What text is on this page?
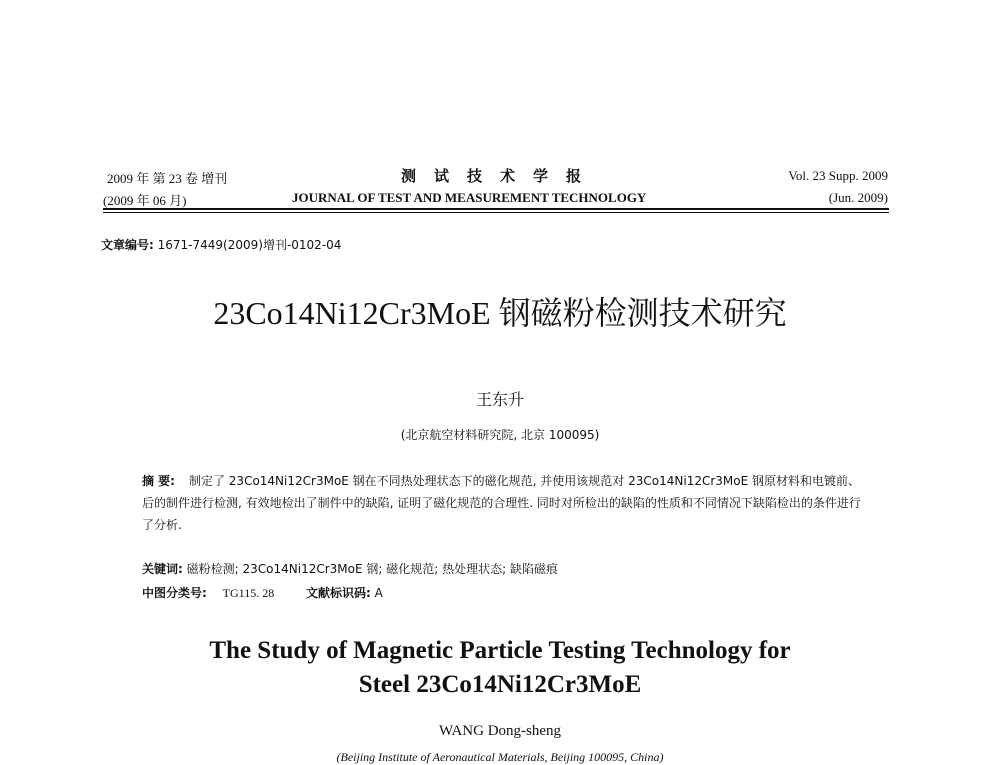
2009 年 第 23 卷 增刊
(2009 年 06 月)
测试技术学报
JOURNAL OF TEST AND MEASUREMENT TECHNOLOGY
Vol. 23 Supp. 2009
(Jun. 2009)
文章编号: 1671-7449(2009)增刊-0102-04
23Co14Ni12Cr3MoE 钢磁粉检测技术研究
王东升
(北京航空材料研究院, 北京 100095)
摘 要: 制定了 23Co14Ni12Cr3MoE 钢在不同热处理状态下的磁化规范, 并使用该规范对 23Co14Ni12Cr3MoE 钢原材料和电镀前、后的制件进行检测, 有效地检出了制件中的缺陷, 证明了磁化规范的合理性. 同时对所检出的缺陷的性质和不同情况下缺陷检出的条件进行了分析.
关键词: 磁粉检测; 23Co14Ni12Cr3MoE 钢; 磁化规范; 热处理状态; 缺陷磁痕
中图分类号: TG115. 28	文献标识码: A
The Study of Magnetic Particle Testing Technology for
Steel 23Co14Ni12Cr3MoE
WANG Dong-sheng
(Beijing Institute of Aeronautical Materials, Beijing 100095, China)
